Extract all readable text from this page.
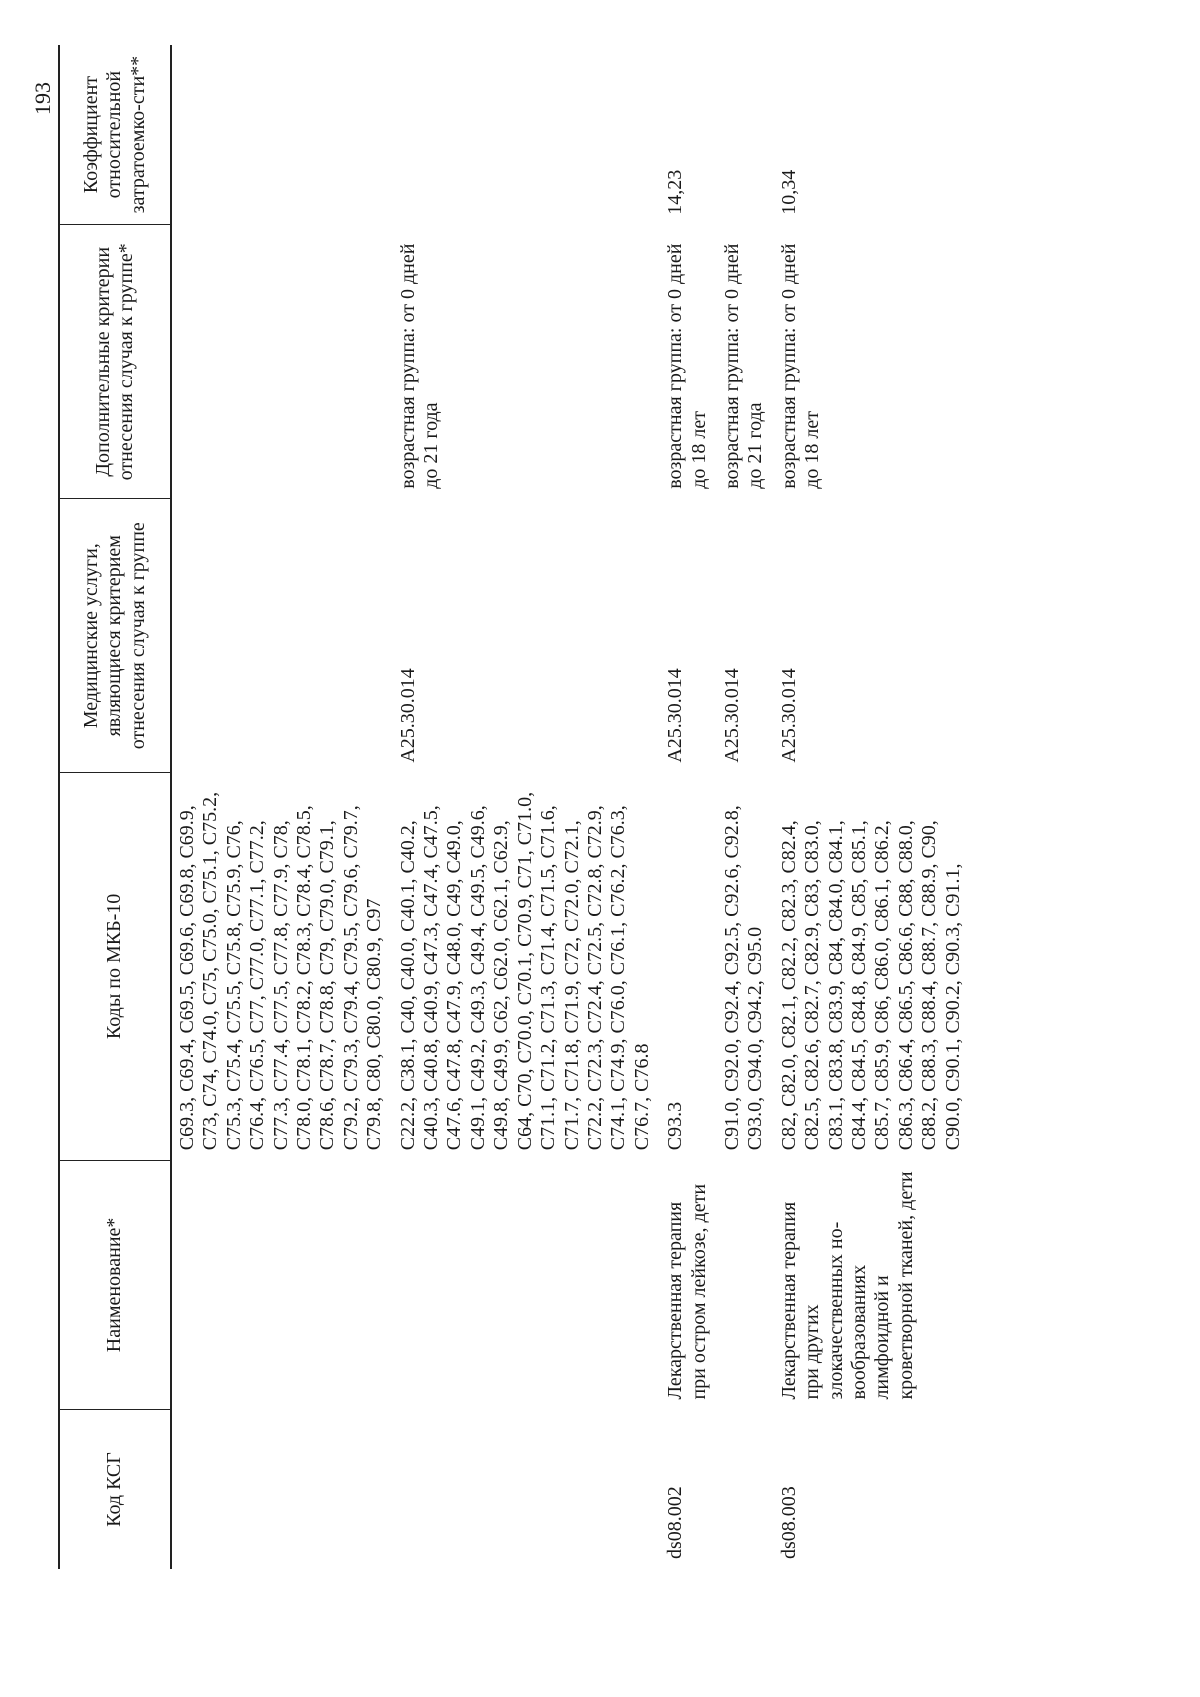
193
Код КСГ	Наименование*	Коды по МКБ-10	Медицинские услуги, являющиеся критерием отнесения случая к группе	Дополнительные критерии отнесения случая к группе*	Коэффициент относительной затратоемко-сти**
		С69.3, С69.4, С69.5, С69.6, С69.8, С69.9, С73, С74, С74.0, С75, С75.0, С75.1, С75.2, С75.3, С75.4, С75.5, С75.8, С75.9, С76, С76.4, С76.5, С77, С77.0, С77.1, С77.2, С77.3, С77.4, С77.5, С77.8, С77.9, С78, С78.0, С78.1, С78.2, С78.3, С78.4, С78.5, С78.6, С78.7, С78.8, С79, С79.0, С79.1, С79.2, С79.3, С79.4, С79.5, С79.6, С79.7, С79.8, С80, С80.0, С80.9, С97			
		С22.2, С38.1, С40, С40.0, С40.1, С40.2, С40.3, С40.8, С40.9, С47.3, С47.4, С47.5, С47.6, С47.8, С47.9, С48.0, С49, С49.0, С49.1, С49.2, С49.3, С49.4, С49.5, С49.6, С49.8, С49.9, С62, С62.0, С62.1, С62.9, С64, С70, С70.0, С70.1, С70.9, С71, С71.0, С71.1, С71.2, С71.3, С71.4, С71.5, С71.6, С71.7, С71.8, С71.9, С72, С72.0, С72.1, С72.2, С72.3, С72.4, С72.5, С72.8, С72.9, С74.1, С74.9, С76.0, С76.1, С76.2, С76.3, С76.7, С76.8	A25.30.014	возрастная группа: от 0 дней до 21 года	
ds08.002	Лекарственная терапия при остром лейкозе, дети	С93.3	A25.30.014	возрастная группа: от 0 дней до 18 лет	14,23
		С91.0, С92.0, С92.4, С92.5, С92.6, С92.8, С93.0, С94.0, С94.2, С95.0	A25.30.014	возрастная группа: от 0 дней до 21 года	
ds08.003	Лекарственная терапия при других злокачественных но-вообразованиях лимфоидной и кроветворной тканей, дети	С82, С82.0, С82.1, С82.2, С82.3, С82.4, С82.5, С82.6, С82.7, С82.9, С83, С83.0, С83.1, С83.8, С83.9, С84, С84.0, С84.1, С84.4, С84.5, С84.8, С84.9, С85, С85.1, С85.7, С85.9, С86, С86.0, С86.1, С86.2, С86.3, С86.4, С86.5, С86.6, С88, С88.0, С88.2, С88.3, С88.4, С88.7, С88.9, С90, С90.0, С90.1, С90.2, С90.3, С91.1,	A25.30.014	возрастная группа: от 0 дней до 18 лет	10,34
